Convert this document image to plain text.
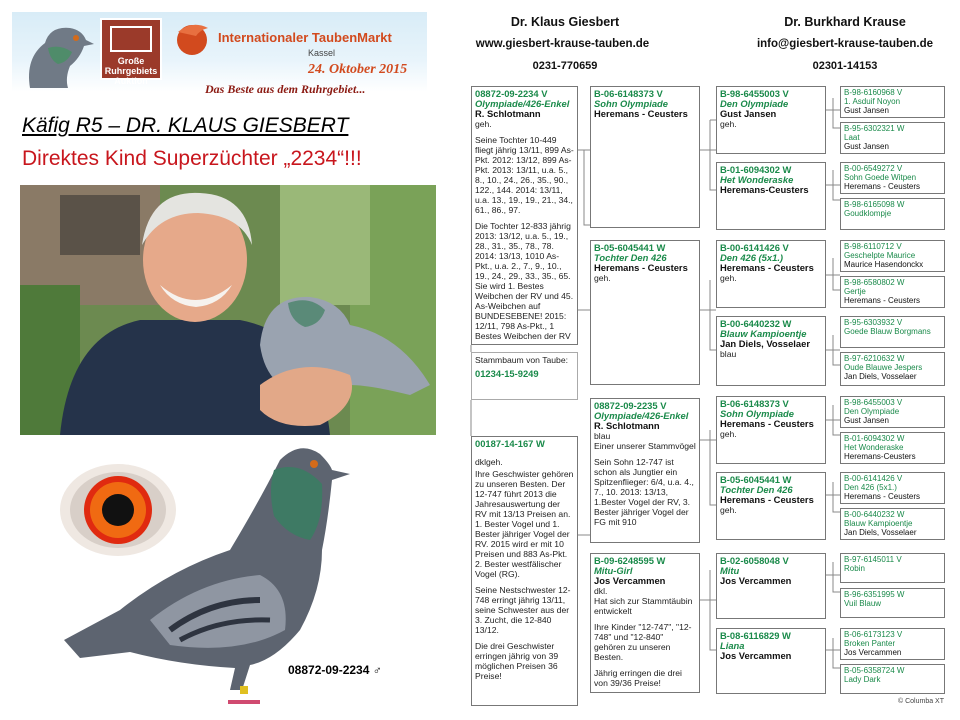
Große Ruhrgebiets Auktion
Internationaler TaubenMarkt
Kassel
24. Oktober 2015
Das Beste aus dem Ruhrgebiet...
Käfig R5 – DR. KLAUS GIESBERT
Direktes Kind Superzüchter „2234“!!!
08872-09-2234 ♂
Dr. Klaus Giesbert
www.giesbert-krause-tauben.de
0231-770659
Dr. Burkhard Krause
info@giesbert-krause-tauben.de
02301-14153
08872-09-2234 V
Olympiade/426-Enkel
R. Schlotmann
geh.
Seine Tochter 10-449 fliegt jährig 13/11, 899 As-Pkt. 2012: 13/12, 899 As-Pkt. 2013: 13/11, u.a. 5., 8., 10., 24., 26., 35., 90., 122., 144. 2014: 13/11, u.a. 13., 19., 19., 21., 34., 61., 86., 97.
Die Tochter 12-833 jährig 2013: 13/12, u.a. 5., 19., 28., 31., 35., 78., 78. 2014: 13/13, 1010 As-Pkt., u.a. 2., 7., 9., 10., 19., 24., 29., 33., 35., 65. Sie wird 1. Bestes Weibchen der RV und 45. As-Weibchen auf BUNDESEBENE! 2015: 12/11, 798 As-Pkt., 1 Bestes Weibchen der RV
Stammbaum von Taube:
01234-15-9249
00187-14-167 W
dklgeh.
Ihre Geschwister gehören zu unseren Besten. Der 12-747 führt 2013 die Jahresauswertung der RV mit 13/13 Preisen an. 1. Bester Vogel und 1. Bester jähriger Vogel der RV. 2015 wird er mit 10 Preisen und 883 As-Pkt. 2. Bester westfälischer Vogel (RG).
Seine Nestschwester 12-748 erringt jährig 13/11, seine Schwester aus der 3. Zucht, die 12-840 13/12.
Die drei Geschwister erringen jährig von 39 möglichen Preisen 36 Preise!
B-06-6148373 V
Sohn Olympiade
Heremans - Ceusters
B-05-6045441 W
Tochter Den 426
Heremans - Ceusters
geh.
08872-09-2235 V
Olympiade/426-Enkel
R. Schlotmann
blau
Einer unserer Stammvögel
Sein Sohn 12-747 ist schon als Jungtier ein Spitzenflieger: 6/4, u.a. 4., 7., 10. 2013: 13/13, 1.Bester Vogel der RV, 3. Bester jähriger Vogel der FG mit 910
B-09-6248595 W
Mitu-Girl
Jos Vercammen
dkl.
Hat sich zur Stammtäubin entwickelt
Ihre Kinder "12-747", "12-748" und "12-840" gehören zu unseren Besten.
Jährig erringen die drei von 39/36 Preise!
B-98-6455003 V
Den Olympiade
Gust Jansen
geh.
B-01-6094302 W
Het Wonderaske
Heremans-Ceusters
B-00-6141426 V
Den 426 (5x1.)
Heremans - Ceusters
geh.
B-00-6440232 W
Blauw Kampioentje
Jan Diels, Vosselaer
blau
B-06-6148373 V
Sohn Olympiade
Heremans - Ceusters
geh.
B-05-6045441 W
Tochter Den 426
Heremans - Ceusters
geh.
B-02-6058048 V
Mitu
Jos Vercammen
B-08-6116829 W
Liana
Jos Vercammen
B-98-6160968 V
1. Asduif Noyon
Gust Jansen
B-95-6302321 W
Laat
Gust Jansen
B-00-6549272 V
Sohn Goede Witpen
Heremans - Ceusters
B-98-6165098 W
Goudklompje
B-98-6110712 V
Geschelpte Maurice
Maurice Hasendonckx
B-98-6580802 W
Gertje
Heremans - Ceusters
B-95-6303932 V
Goede Blauw Borgmans
B-97-6210632 W
Oude Blauwe Jespers
Jan Diels, Vosselaer
B-98-6455003 V
Den Olympiade
Gust Jansen
B-01-6094302 W
Het Wonderaske
Heremans-Ceusters
B-00-6141426 V
Den 426 (5x1.)
Heremans - Ceusters
B-00-6440232 W
Blauw Kampioentje
Jan Diels, Vosselaer
B-97-6145011 V
Robin
B-96-6351995 W
Vuil Blauw
B-06-6173123 V
Broken Panter
Jos Vercammen
B-05-6358724 W
Lady Dark
© Columba XT
